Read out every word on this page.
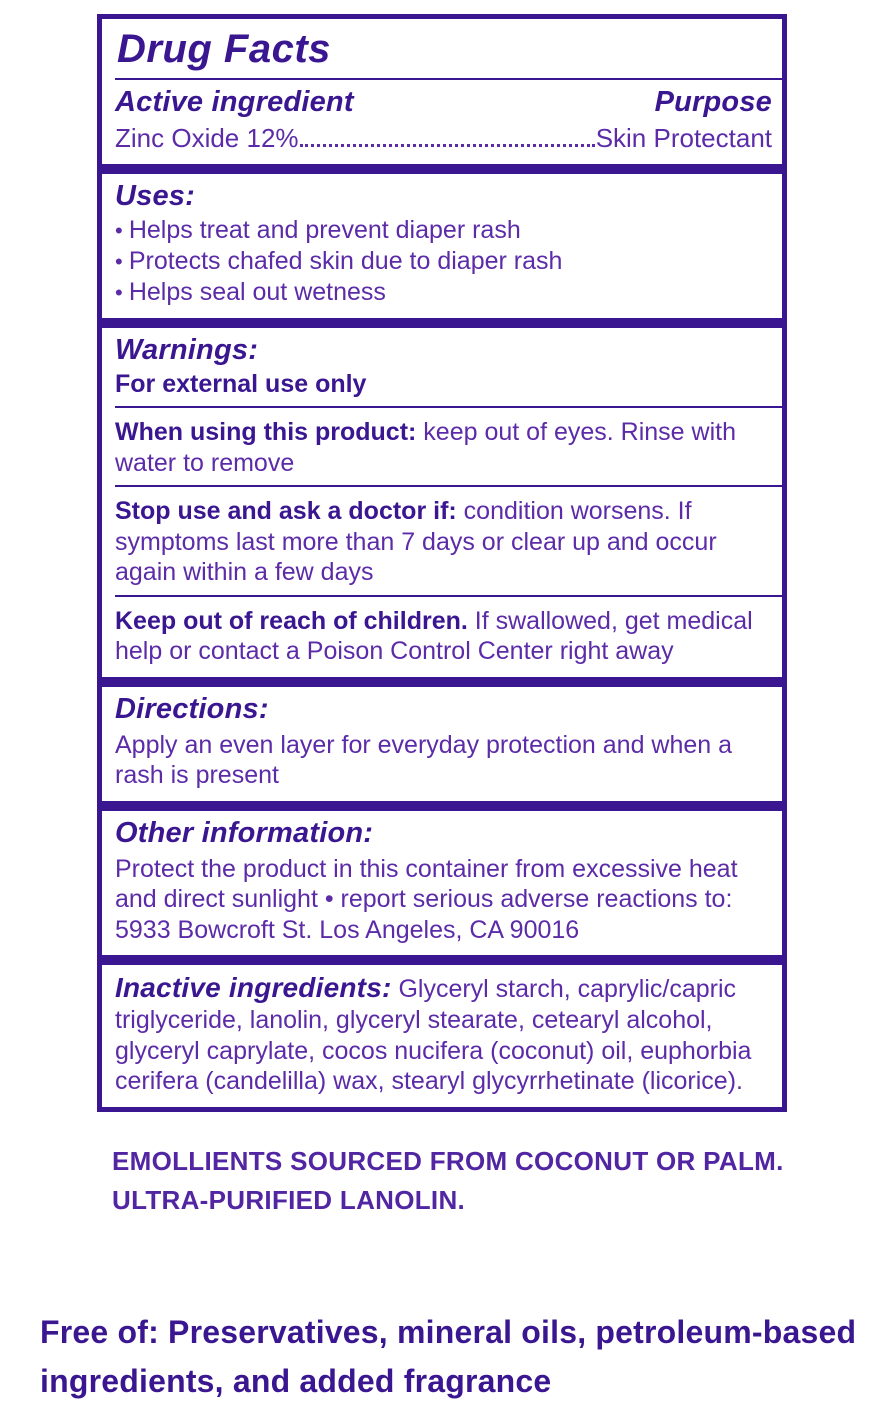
Drug Facts
Active ingredient	Purpose
Zinc Oxide 12%	Skin Protectant
Uses:
• Helps treat and prevent diaper rash
• Protects chafed skin due to diaper rash
• Helps seal out wetness
Warnings:
For external use only

When using this product: keep out of eyes. Rinse with water to remove

Stop use and ask a doctor if: condition worsens. If symptoms last more than 7 days or clear up and occur again within a few days

Keep out of reach of children. If swallowed, get medical help or contact a Poison Control Center right away

Directions:

Apply an even layer for everyday protection and when a rash is present

Other information:

Protect the product in this container from excessive heat and direct sunlight • report serious adverse reactions to: 5933 Bowcroft St. Los Angeles, CA 90016

Inactive ingredients: Glyceryl starch, caprylic/capric triglyceride, lanolin, glyceryl stearate, cetearyl alcohol, glyceryl caprylate, cocos nucifera (coconut) oil, euphorbia cerifera (candelilla) wax, stearyl glycyrrhetinate (licorice).

EMOLLIENTS SOURCED FROM COCONUT OR PALM.
ULTRA-PURIFIED LANOLIN.
Free of: Preservatives, mineral oils, petroleum-based ingredients, and added fragrance
